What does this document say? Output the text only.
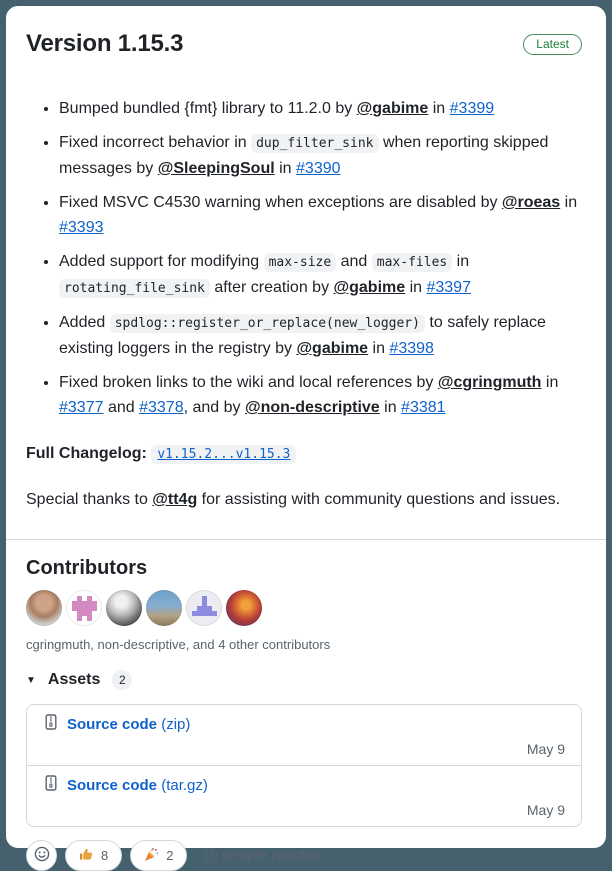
Version 1.15.3	Latest
• Bumped bundled {fmt} library to 11.2.0 by @gabime in #3399
• Fixed incorrect behavior in dup_filter_sink when reporting skipped messages by @SleepingSoul in #3390
• Fixed MSVC C4530 warning when exceptions are disabled by @roeas in #3393
• Added support for modifying max-size and max-files in rotating_file_sink after creation by @gabime in #3397
• Added spdlog::register_or_replace(new_logger) to safely replace existing loggers in the registry by @gabime in #3398
• Fixed broken links to the wiki and local references by @cgringmuth in #3377 and #3378, and by @non-descriptive in #3381

Full Changelog: v1.15.2...v1.15.3

Special thanks to @tt4g for assisting with community questions and issues.

Contributors
cgringmuth, non-descriptive, and 4 other contributors
▼ Assets	2
Source code (zip)
May 9
Source code (tar.gz)
May 9
8	2 10 people reacted
